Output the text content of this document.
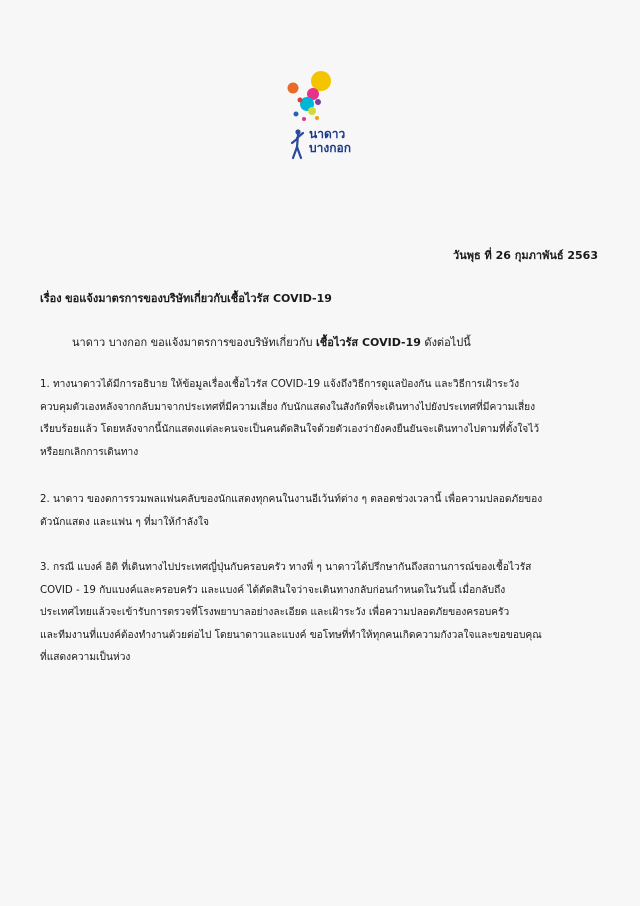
นาดาว
บางกอก
วันพุธ ที่ 26 กุมภาพันธ์ 2563
เรื่อง ขอแจ้งมาตรการของบริษัทเกี่ยวกับเชื้อไวรัส COVID-19
นาดาว บางกอก ขอแจ้งมาตรการของบริษัทเกี่ยวกับ เชื้อไวรัส COVID-19 ดังต่อไปนี้
1. ทางนาดาวได้มีการอธิบาย ให้ข้อมูลเรื่องเชื้อไวรัส COVID-19 แจ้งถึงวิธีการดูแลป้องกัน และวิธีการเฝ้าระวัง
ควบคุมตัวเองหลังจากกลับมาจากประเทศที่มีความเสี่ยง กับนักแสดงในสังกัดที่จะเดินทางไปยังประเทศที่มีความเสี่ยง
เรียบร้อยแล้ว โดยหลังจากนี้นักแสดงแต่ละคนจะเป็นคนตัดสินใจด้วยตัวเองว่ายังคงยืนยันจะเดินทางไปตามที่ตั้งใจไว้
หรือยกเลิกการเดินทาง
2. นาดาว ของดการรวมพลแฟนคลับของนักแสดงทุกคนในงานอีเว้นท์ต่าง ๆ ตลอดช่วงเวลานี้ เพื่อความปลอดภัยของ
ตัวนักแสดง และแฟน ๆ ที่มาให้กำลังใจ
3. กรณี แบงค์ อิติ ที่เดินทางไปประเทศญี่ปุ่นกับครอบครัว ทางพี่ ๆ นาดาวได้ปรึกษากันถึงสถานการณ์ของเชื้อไวรัส
COVID - 19 กับแบงค์และครอบครัว และแบงค์ ได้ตัดสินใจว่าจะเดินทางกลับก่อนกำหนดในวันนี้ เมื่อกลับถึง
ประเทศไทยแล้วจะเข้ารับการตรวจที่โรงพยาบาลอย่างละเอียด และเฝ้าระวัง เพื่อความปลอดภัยของครอบครัว
และทีมงานที่แบงค์ต้องทำงานด้วยต่อไป โดยนาดาวและแบงค์ ขอโทษที่ทำให้ทุกคนเกิดความกังวลใจและขอขอบคุณ
ที่แสดงความเป็นห่วง
